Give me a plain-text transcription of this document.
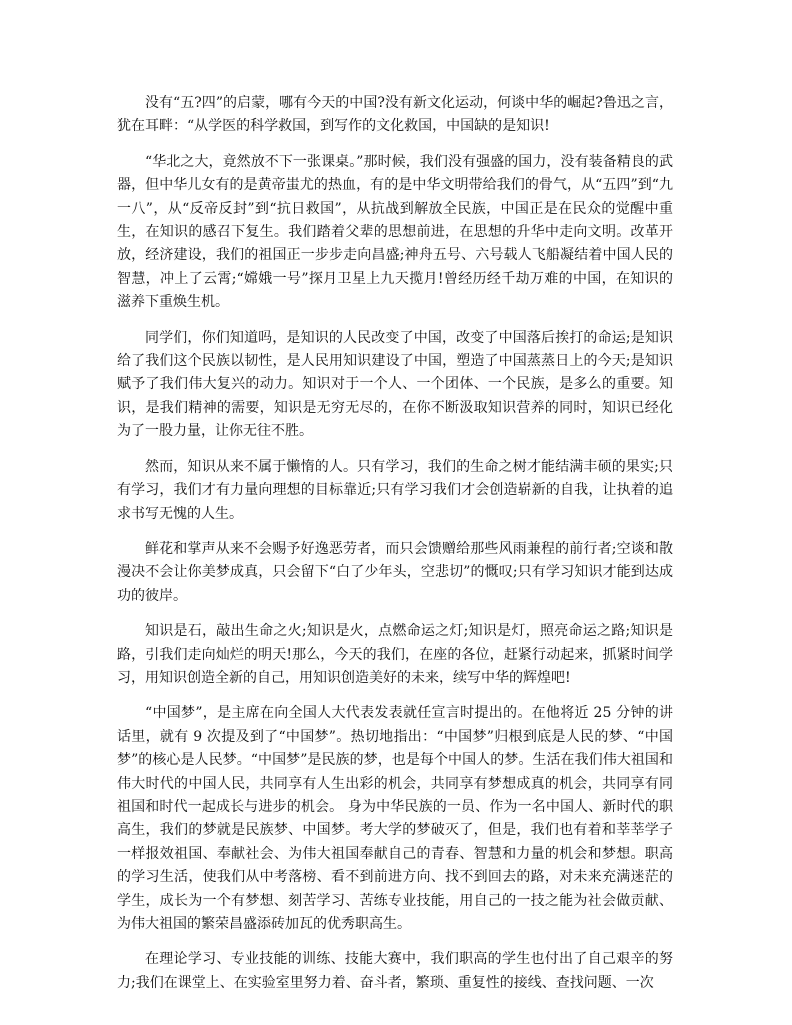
没有“五?四”的启蒙，哪有今天的中国?没有新文化运动，何谈中华的崛起?鲁迅之言，犹在耳畔：“从学医的科学救国，到写作的文化救国，中国缺的是知识!

“华北之大，竟然放不下一张课桌。”那时候，我们没有强盛的国力，没有装备精良的武器，但中华儿女有的是黄帝蚩尤的热血，有的是中华文明带给我们的骨气，从“五四”到“九一八”，从“反帝反封”到“抗日救国”，从抗战到解放全民族，中国正是在民众的觉醒中重生，在知识的感召下复生。我们踏着父辈的思想前进，在思想的升华中走向文明。改革开放，经济建设，我们的祖国正一步步走向昌盛;神舟五号、六号载人飞船凝结着中国人民的智慧，冲上了云霄;“嫦娥一号”探月卫星上九天揽月!曾经历经千劫万难的中国，在知识的滋养下重焕生机。

同学们，你们知道吗，是知识的人民改变了中国，改变了中国落后挨打的命运;是知识给了我们这个民族以韧性，是人民用知识建设了中国，塑造了中国蒸蒸日上的今天;是知识赋予了我们伟大复兴的动力。知识对于一个人、一个团体、一个民族，是多么的重要。知识，是我们精神的需要，知识是无穷无尽的，在你不断汲取知识营养的同时，知识已经化为了一股力量，让你无往不胜。

然而，知识从来不属于懒惰的人。只有学习，我们的生命之树才能结满丰硕的果实;只有学习，我们才有力量向理想的目标靠近;只有学习我们才会创造崭新的自我，让执着的追求书写无愧的人生。

鲜花和掌声从来不会赐予好逸恶劳者，而只会馈赠给那些风雨兼程的前行者;空谈和散漫决不会让你美梦成真，只会留下“白了少年头，空悲切”的慨叹;只有学习知识才能到达成功的彼岸。

知识是石，敲出生命之火;知识是火，点燃命运之灯;知识是灯，照亮命运之路;知识是路，引我们走向灿烂的明天!那么，今天的我们，在座的各位，赶紧行动起来，抓紧时间学习，用知识创造全新的自己，用知识创造美好的未来，续写中华的辉煌吧!

“中国梦”，是主席在向全国人大代表发表就任宣言时提出的。在他将近 25 分钟的讲话里，就有 9 次提及到了“中国梦”。热切地指出：“中国梦”归根到底是人民的梦、“中国梦”的核心是人民梦。“中国梦”是民族的梦，也是每个中国人的梦。生活在我们伟大祖国和伟大时代的中国人民，共同享有人生出彩的机会，共同享有梦想成真的机会，共同享有同祖国和时代一起成长与进步的机会。 身为中华民族的一员、作为一名中国人、新时代的职高生，我们的梦就是民族梦、中国梦。考大学的梦破灭了，但是，我们也有着和莘莘学子一样报效祖国、奉献社会、为伟大祖国奉献自己的青春、智慧和力量的机会和梦想。职高的学习生活，使我们从中考落榜、看不到前进方向、找不到回去的路，对未来充满迷茫的学生，成长为一个有梦想、刻苦学习、苦练专业技能，用自己的一技之能为社会做贡献、为伟大祖国的繁荣昌盛添砖加瓦的优秀职高生。

在理论学习、专业技能的训练、技能大赛中，我们职高的学生也付出了自己艰辛的努力;我们在课堂上、在实验室里努力着、奋斗者，繁琐、重复性的接线、查找问题、一次
